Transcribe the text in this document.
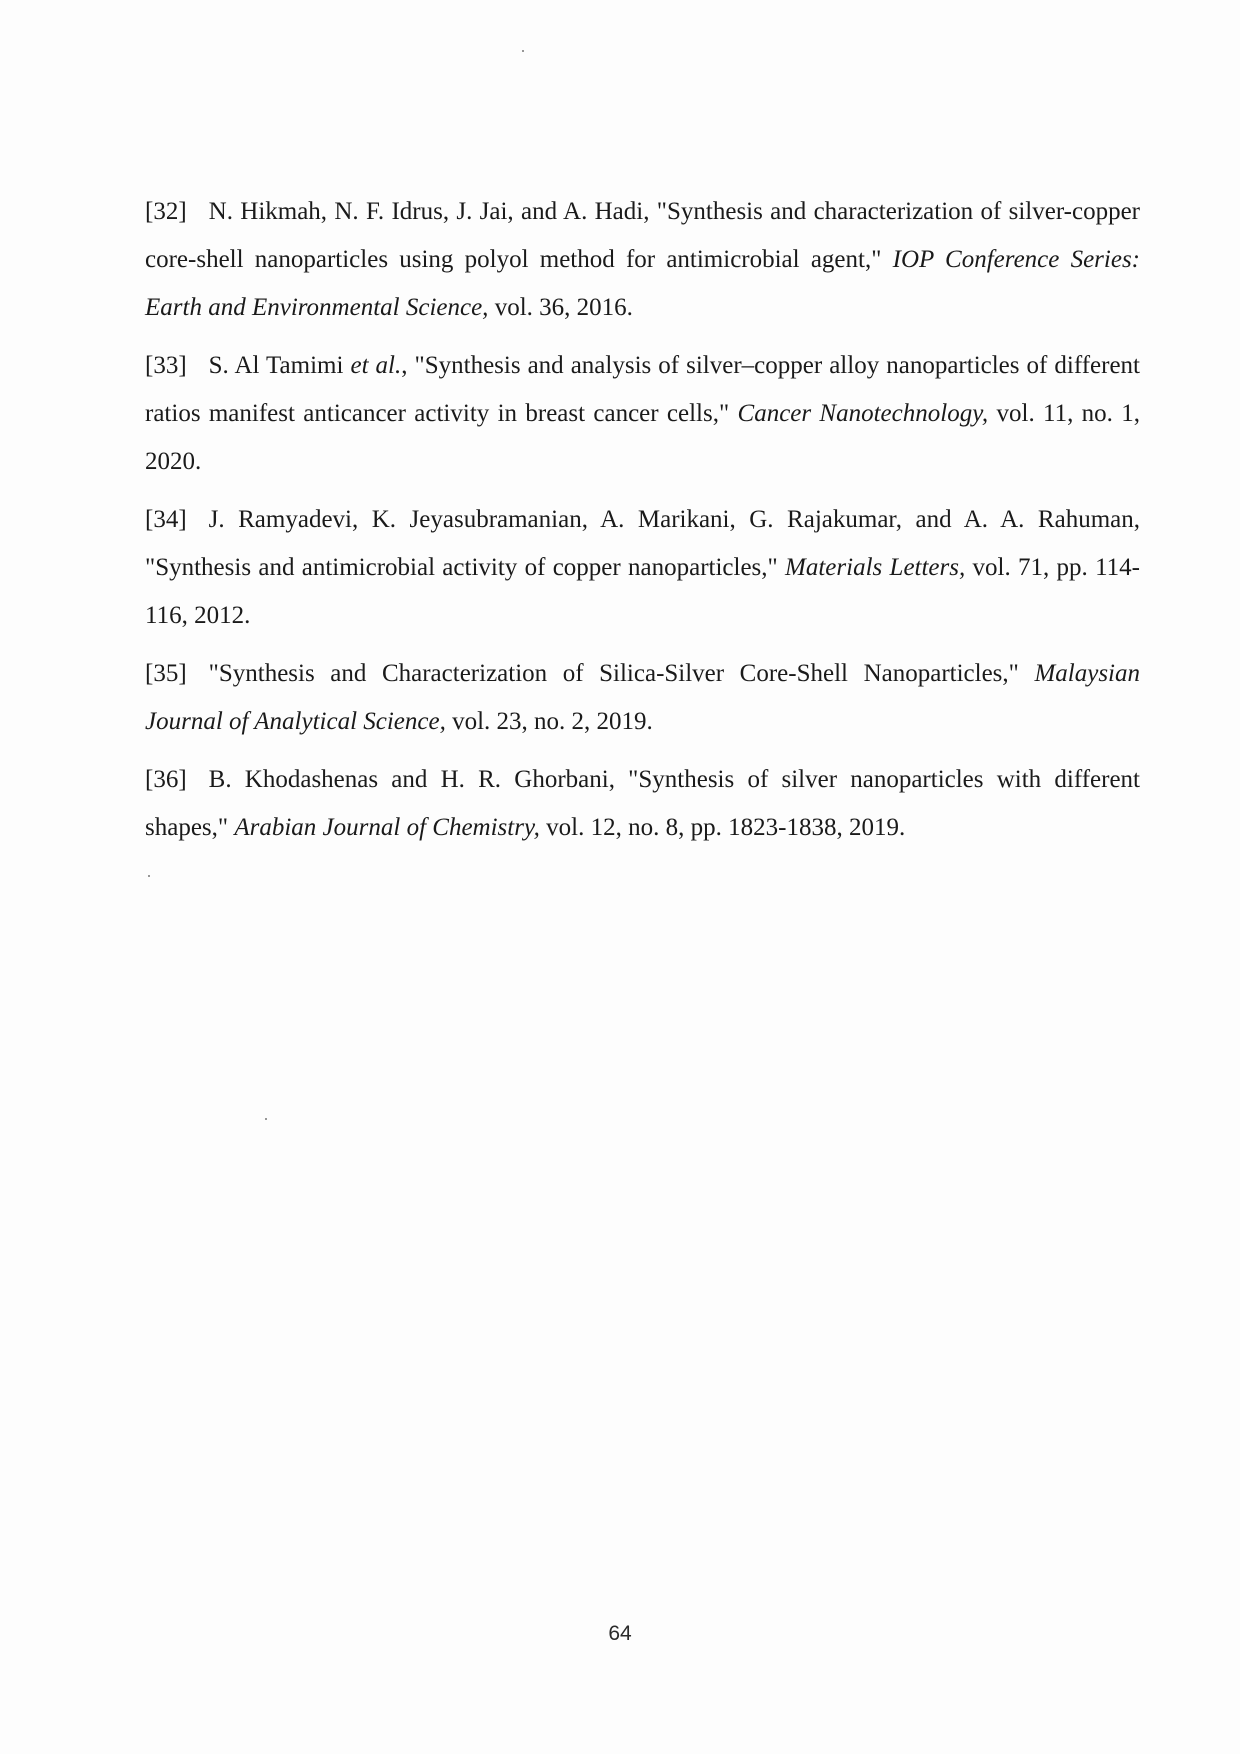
[32] N. Hikmah, N. F. Idrus, J. Jai, and A. Hadi, "Synthesis and characterization of silver-copper core-shell nanoparticles using polyol method for antimicrobial agent," IOP Conference Series: Earth and Environmental Science, vol. 36, 2016.

[33] S. Al Tamimi et al., "Synthesis and analysis of silver–copper alloy nanoparticles of different ratios manifest anticancer activity in breast cancer cells," Cancer Nanotechnology, vol. 11, no. 1, 2020.

[34] J. Ramyadevi, K. Jeyasubramanian, A. Marikani, G. Rajakumar, and A. A. Rahuman, "Synthesis and antimicrobial activity of copper nanoparticles," Materials Letters, vol. 71, pp. 114-116, 2012.

[35] "Synthesis and Characterization of Silica-Silver Core-Shell Nanoparticles," Malaysian Journal of Analytical Science, vol. 23, no. 2, 2019.

[36] B. Khodashenas and H. R. Ghorbani, "Synthesis of silver nanoparticles with different shapes," Arabian Journal of Chemistry, vol. 12, no. 8, pp. 1823-1838, 2019.

64
